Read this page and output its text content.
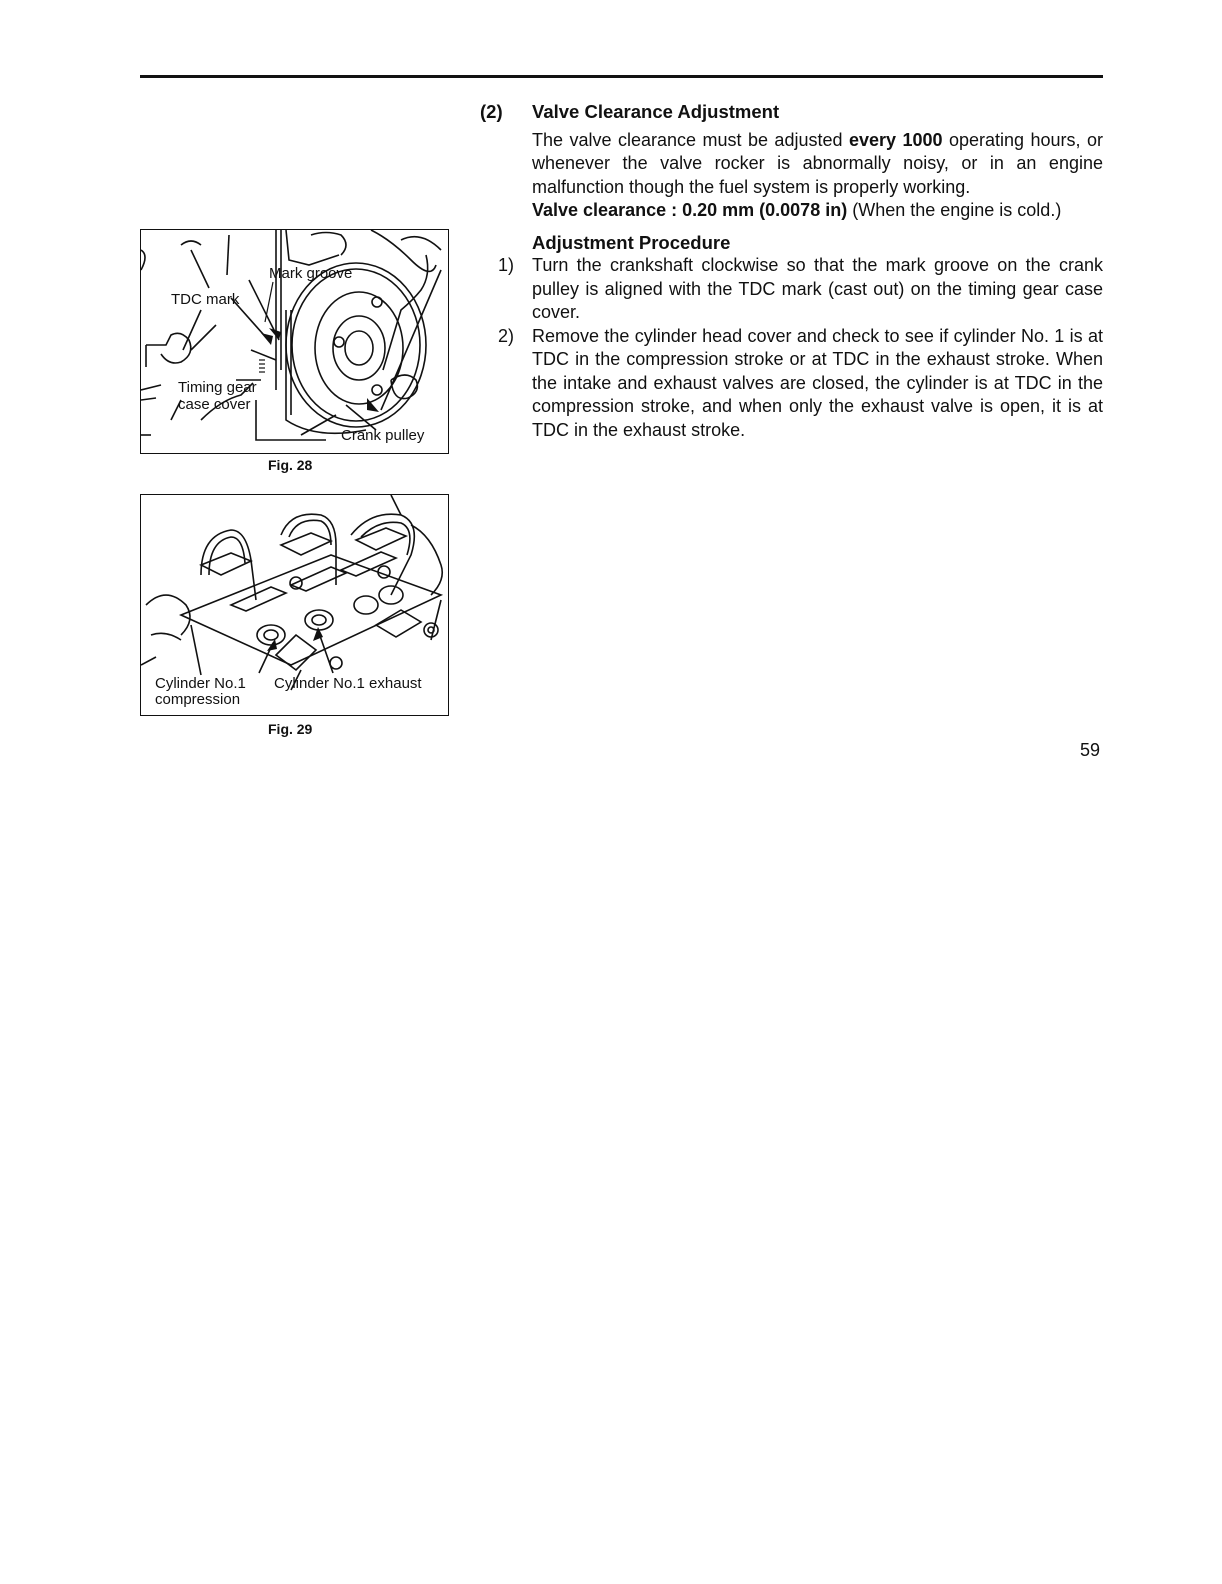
Mark groove
TDC mark
Timing gear
case cover
Crank pulley
Fig. 28
Cylinder No.1
compression
Cylinder No.1 exhaust
Fig. 29
(2)	Valve Clearance Adjustment
The valve clearance must be adjusted every 1000 operating hours, or whenever the valve rocker is abnormally noisy, or in an engine malfunction though the fuel system is properly working.
Valve clearance : 0.20 mm (0.0078 in) (When the engine is cold.)
Adjustment Procedure
1)	Turn the crankshaft clockwise so that the mark groove on the crank pulley is aligned with the TDC mark (cast out) on the timing gear case cover.
2)	Remove the cylinder head cover and check to see if cylinder No. 1 is at TDC in the compression stroke or at TDC in the exhaust stroke. When the intake and exhaust valves are closed, the cylinder is at TDC in the compression stroke, and when only the exhaust valve is open, it is at TDC in the exhaust stroke.
59
